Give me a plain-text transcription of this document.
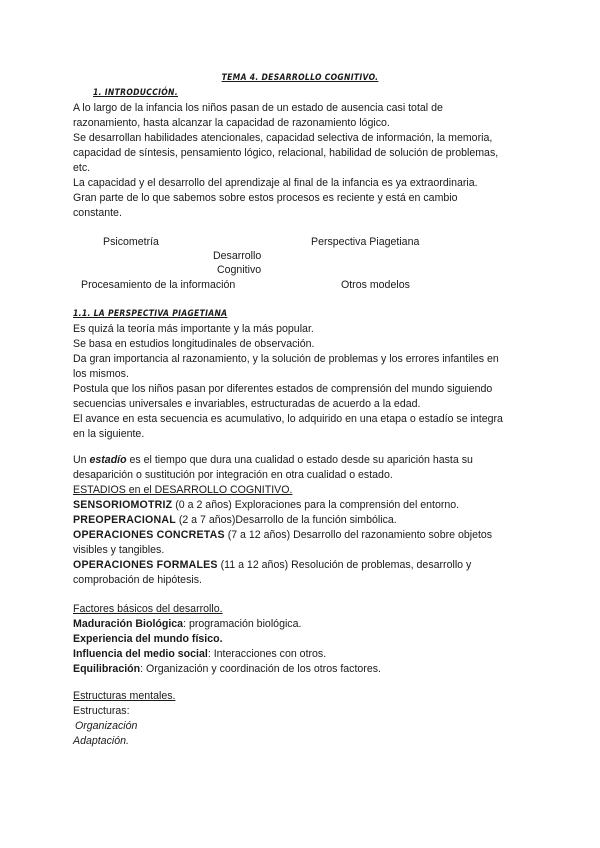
TEMA 4. DESARROLLO COGNITIVO.
1. INTRODUCCIÓN.

A lo largo de la infancia los niños pasan de un estado de ausencia casi total de

razonamiento, hasta alcanzar la capacidad de razonamiento lógico.

Se desarrollan habilidades atencionales, capacidad selectiva de información, la memoria,

capacidad de síntesis, pensamiento lógico, relacional, habilidad de solución de problemas,

etc.

La capacidad y el desarrollo del aprendizaje al final de la infancia es ya extraordinaria.

Gran parte de lo que sabemos sobre estos procesos es reciente y está en cambio

constante.

Psicometría	Perspectiva Piagetiana
Desarrollo
Cognitivo
Procesamiento de la información	Otros modelos
1.1. LA PERSPECTIVA PIAGETIANA

Es quizá la teoría más importante y la más popular.

Se basa en estudios longitudinales de observación.

Da gran importancia al razonamiento, y la solución de problemas y los errores infantiles en

los mismos.

Postula que los niños pasan por diferentes estados de comprensión del mundo siguiendo

secuencias universales e invariables, estructuradas de acuerdo a la edad.

El avance en esta secuencia es acumulativo, lo adquirido en una etapa o estadío se integra

en la siguiente.

Un estadío es el tiempo que dura una cualidad o estado desde su aparición hasta su

desaparición o sustitución por integración en otra cualidad o estado.

ESTADIOS en el DESARROLLO COGNITIVO.

SENSORIOMOTRIZ (0 a 2 años) Exploraciones para la comprensión del entorno.

PREOPERACIONAL (2 a 7 años)Desarrollo de la función simbólica.

OPERACIONES CONCRETAS (7 a 12 años) Desarrollo del razonamiento sobre objetos

visibles y tangibles.

OPERACIONES FORMALES (11 a 12 años) Resolución de problemas, desarrollo y

comprobación de hipótesis.

Factores básicos del desarrollo.

Maduración Biológica: programación biológica.

Experiencia del mundo físico.

Influencia del medio social: Interacciones con otros.

Equilibración: Organización y coordinación de los otros factores.

Estructuras mentales.

Estructuras:

Organización

Adaptación.
